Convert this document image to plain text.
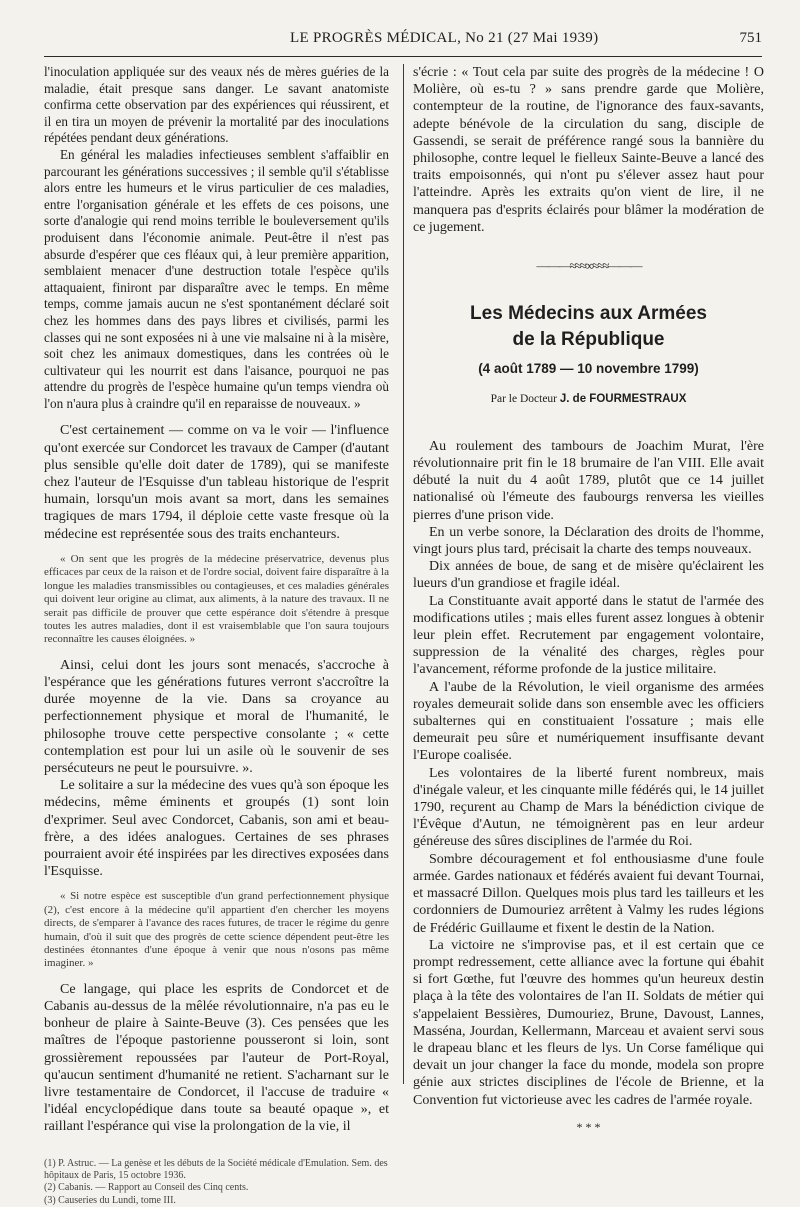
LE PROGRÈS MÉDICAL, No 21 (27 Mai 1939)	751

l'inoculation appliquée sur des veaux nés de mères guéries de la maladie, était presque sans danger. Le savant anatomiste confirma cette observation par des expériences qui réussirent, et il en tira un moyen de prévenir la mortalité par des inoculations répétées pendant deux générations.

En général les maladies infectieuses semblent s'affaiblir en parcourant les générations successives ; il semble qu'il s'établisse alors entre les humeurs et le virus particulier de ces maladies, entre l'organisation générale et les effets de ces poisons, une sorte d'analogie qui rend moins terrible le bouleversement qu'ils produisent dans l'économie animale. Peut-être il n'est pas absurde d'espérer que ces fléaux qui, à leur première apparition, semblaient menacer d'une destruction totale l'espèce qu'ils attaquaient, finiront par disparaître avec le temps. En même temps, comme jamais aucun ne s'est spontanément déclaré soit chez les hommes dans des pays libres et civilisés, parmi les classes qui ne sont exposées ni à une vie malsaine ni à la misère, soit chez les animaux domestiques, dans les contrées où le cultivateur qui les nourrit est dans l'aisance, pourquoi ne pas attendre du progrès de l'espèce humaine qu'un temps viendra où l'on n'aura plus à craindre qu'il en reparaisse de nouveaux. »

C'est certainement — comme on va le voir — l'influence qu'ont exercée sur Condorcet les travaux de Camper (d'autant plus sensible qu'elle doit dater de 1789), qui se manifeste chez l'auteur de l'Esquisse d'un tableau historique de l'esprit humain, lorsqu'un mois avant sa mort, dans les semaines tragiques de mars 1794, il déploie cette vaste fresque où la médecine est représentée sous des traits enchanteurs.

« On sent que les progrès de la médecine préservatrice, devenus plus efficaces par ceux de la raison et de l'ordre social, doivent faire disparaître à la longue les maladies transmissibles ou contagieuses, et ces maladies générales qui doivent leur origine au climat, aux aliments, à la nature des travaux. Il ne serait pas difficile de prouver que cette espérance doit s'étendre à presque toutes les autres maladies, dont il est vraisemblable que l'on saura toujours reconnaître les causes éloignées. »

Ainsi, celui dont les jours sont menacés, s'accroche à l'espérance que les générations futures verront s'accroître la durée moyenne de la vie. Dans sa croyance au perfectionnement physique et moral de l'humanité, le philosophe trouve cette perspective consolante ; « cette contemplation est pour lui un asile où le souvenir de ses persécuteurs ne peut le poursuivre. ».

Le solitaire a sur la médecine des vues qu'à son époque les médecins, même éminents et groupés (1) sont loin d'exprimer. Seul avec Condorcet, Cabanis, son ami et beau-frère, a des idées analogues. Certaines de ses phrases pourraient avoir été inspirées par les directives exposées dans l'Esquisse.

« Si notre espèce est susceptible d'un grand perfectionnement physique (2), c'est encore à la médecine qu'il appartient d'en chercher les moyens directs, de s'emparer à l'avance des races futures, de tracer le régime du genre humain, d'où il suit que des progrès de cette science dépendent peut-être les destinées étonnantes d'une époque à venir que nous n'osons pas même imaginer. »

Ce langage, qui place les esprits de Condorcet et de Cabanis au-dessus de la mêlée révolutionnaire, n'a pas eu le bonheur de plaire à Sainte-Beuve (3). Ces pensées que les maîtres de l'époque pastorienne pousseront si loin, sont grossièrement repoussées par l'auteur de Port-Royal, qu'aucun sentiment d'humanité ne retient. S'acharnant sur le livre testamentaire de Condorcet, il l'accuse de traduire « l'idéal encyclopédique dans toute sa beauté opaque », et raillant l'espérance qui vise la prolongation de la vie, il

(1) P. Astruc. — La genèse et les débuts de la Société médicale d'Emulation. Sem. des hôpitaux de Paris, 15 octobre 1936.

(2) Cabanis. — Rapport au Conseil des Cinq cents.

(3) Causeries du Lundi, tome III.

s'écrie : « Tout cela par suite des progrès de la médecine ! O Molière, où es-tu ? » sans prendre garde que Molière, contempteur de la routine, de l'ignorance des faux-savants, adepte bénévole de la circulation du sang, disciple de Gassendi, se serait de préférence rangé sous la bannière du philosophe, contre lequel le fielleux Sainte-Beuve a lancé des traits empoisonnés, qui n'ont pu s'élever assez haut pour l'atteindre. Après les extraits qu'on vient de lire, il ne manquera pas d'esprits éclairés pour blâmer la modération de ce jugement.

———≈≈≈∞≈≈≈———
Les Médecins aux Armées
de la République
(4 août 1789 — 10 novembre 1799)
Par le Docteur J. de FOURMESTRAUX

Au roulement des tambours de Joachim Murat, l'ère révolutionnaire prit fin le 18 brumaire de l'an VIII. Elle avait débuté la nuit du 4 août 1789, plutôt que ce 14 juillet nationalisé où l'émeute des faubourgs renversa les vieilles pierres d'une prison vide.

En un verbe sonore, la Déclaration des droits de l'homme, vingt jours plus tard, précisait la charte des temps nouveaux.

Dix années de boue, de sang et de misère qu'éclairent les lueurs d'un grandiose et fragile idéal.

La Constituante avait apporté dans le statut de l'armée des modifications utiles ; mais elles furent assez longues à obtenir leur plein effet. Recrutement par engagement volontaire, suppression de la vénalité des charges, règles pour l'avancement, réforme profonde de la justice militaire.

A l'aube de la Révolution, le vieil organisme des armées royales demeurait solide dans son ensemble avec les officiers subalternes qui en constituaient l'ossature ; mais elle demeurait peu sûre et numériquement insuffisante devant l'Europe coalisée.

Les volontaires de la liberté furent nombreux, mais d'inégale valeur, et les cinquante mille fédérés qui, le 14 juillet 1790, reçurent au Champ de Mars la bénédiction civique de l'Évêque d'Autun, ne témoignèrent pas en leur ardeur généreuse des sûres disciplines de l'armée du Roi.

Sombre découragement et fol enthousiasme d'une foule armée. Gardes nationaux et fédérés avaient fui devant Tournai, et massacré Dillon. Quelques mois plus tard les tailleurs et les cordonniers de Dumouriez arrêtent à Valmy les rudes légions de Frédéric Guillaume et fixent le destin de la Nation.

La victoire ne s'improvise pas, et il est certain que ce prompt redressement, cette alliance avec la fortune qui ébahit si fort Gœthe, fut l'œuvre des hommes qu'un heureux destin plaça à la tête des volontaires de l'an II. Soldats de métier qui s'appelaient Bessières, Dumouriez, Brune, Davoust, Lannes, Masséna, Jourdan, Kellermann, Marceau et avaient servi sous le drapeau blanc et les fleurs de lys. Un Corse famélique qui devait un jour changer la face du monde, modela son propre génie aux strictes disciplines de l'école de Brienne, et la Convention fut victorieuse avec les cadres de l'armée royale.

* * *
